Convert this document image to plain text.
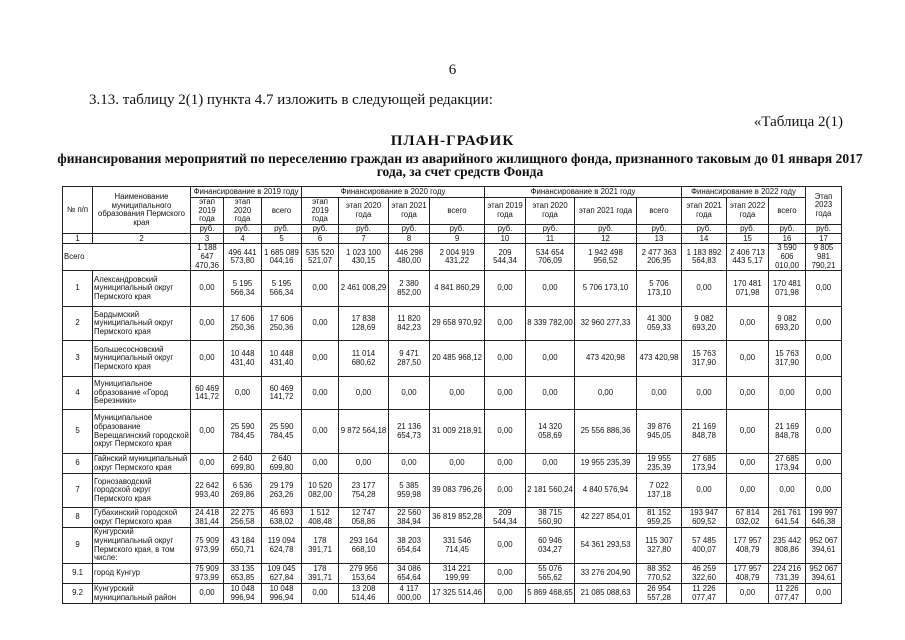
6
3.13. таблицу 2(1) пункта 4.7 изложить в следующей редакции:
«Таблица 2(1)
ПЛАН-ГРАФИК
финансирования мероприятий по переселению граждан из аварийного жилищного фонда, признанного таковым до 01 января 2017 года, за счет средств Фонда
№ п/п	Наименование муниципального образования Пермского края	Финансирование в 2019 году			Финансирование в 2020 году				Финансирование в 2021 году				Финансирование в 2022 году			Этап 2023 года
		этап 2019 года	этап 2020 года	всего	этап 2019 года	этап 2020 года	этап 2021 года	всего	этап 2019 года	этап 2020 года	этап 2021 года	всего	этап 2021 года	этап 2022 года	всего	
		руб.	руб.	руб.	руб.	руб.	руб.	руб.	руб.	руб.	руб.	руб.	руб.	руб.	руб.	руб.
1	2	3	4	5	6	7	8	9	10	11	12	13	14	15	16	17
Всего		1 188 647 470,36	496 441 573,80	1 685 089 044,16	535 520 521,07	1 023 100 430,15	446 298 480,00	2 004 919 431,22	209 544,34	534 654 706,09	1 942 498 956,52	2 477 363 206,95	1 183 892 564,83	2 406 713 443 5,17	3 590 606 010,00	9 805 981 790,21
1	Александровский муниципальный округ Пермского края	0,00	5 195 566,34	5 195 566,34	0,00	2 461 008,29	2 380 852,00	4 841 860,29	0,00	0,00	5 706 173,10	5 706 173,10	0,00	170 481 071,98	170 481 071,98	0,00
2	Бардымский муниципальный округ Пермского края	0,00	17 606 250,36	17 606 250,36	0,00	17 838 128,69	11 820 842,23	29 658 970,92	0,00	8 339 782,00	32 960 277,33	41 300 059,33	9 082 693,20	0,00	9 082 693,20	0,00
3	Большесосновский муниципальный округ Пермского края	0,00	10 448 431,40	10 448 431,40	0,00	11 014 680,62	9 471 287,50	20 485 968,12	0,00	0,00	473 420,98	473 420,98	15 763 317,90	0,00	15 763 317,90	0,00
4	Муниципальное образование «Город Березники»	60 469 141,72	0,00	60 469 141,72	0,00	0,00	0,00	0,00	0,00	0,00	0,00	0,00	0,00	0,00	0,00	0,00
5	Муниципальное образование Верещагинский городской округ Пермского края	0,00	25 590 784,45	25 590 784,45	0,00	9 872 564,18	21 136 654,73	31 009 218,91	0,00	14 320 058,69	25 556 886,36	39 876 945,05	21 169 848,78	0,00	21 169 848,78	0,00
6	Гайнский муниципальный округ Пермского края	0,00	2 640 699,80	2 640 699,80	0,00	0,00	0,00	0,00	0,00	0,00	19 955 235,39	19 955 235,39	27 685 173,94	0,00	27 685 173,94	0,00
7	Горнозаводский городской округ Пермского края	22 642 993,40	6 536 269,86	29 179 263,26	10 520 082,00	23 177 754,28	5 385 959,98	39 083 796,26	0,00	2 181 560,24	4 840 576,94	7 022 137,18	0,00	0,00	0,00	0,00
8	Губахинский городской округ Пермского края	24 418 381,44	22 275 256,58	46 693 638,02	1 512 408,48	12 747 058,86	22 560 384,94	36 819 852,28	209 544,34	38 715 560,90	42 227 854,01	81 152 959,25	193 947 609,52	67 814 032,02	261 761 641,54	199 997 646,38
9	Кунгурский муниципальный округ Пермского края, в том числе:	75 909 973,99	43 184 650,71	119 094 624,78	178 391,71	293 164 668,10	38 203 654,64	331 546 714,45	0,00	60 946 034,27	54 361 293,53	115 307 327,80	57 485 400,07	177 957 408,79	235 442 808,86	952 067 394,61
9.1	город Кунгур	75 909 973,99	33 135 653,85	109 045 627,84	178 391,71	279 956 153,64	34 086 654,64	314 221 199,99	0,00	55 076 565,62	33 276 204,90	88 352 770,52	46 259 322,60	177 957 408,79	224 216 731,39	952 067 394,61
9.2	Кунгурский муниципальный район	0,00	10 048 996,94	10 048 996,94	0,00	13 208 514,46	4 117 000,00	17 325 514,46	0,00	5 869 468,65	21 085 088,63	26 954 557,28	11 226 077,47	0,00	11 226 077,47	0,00
